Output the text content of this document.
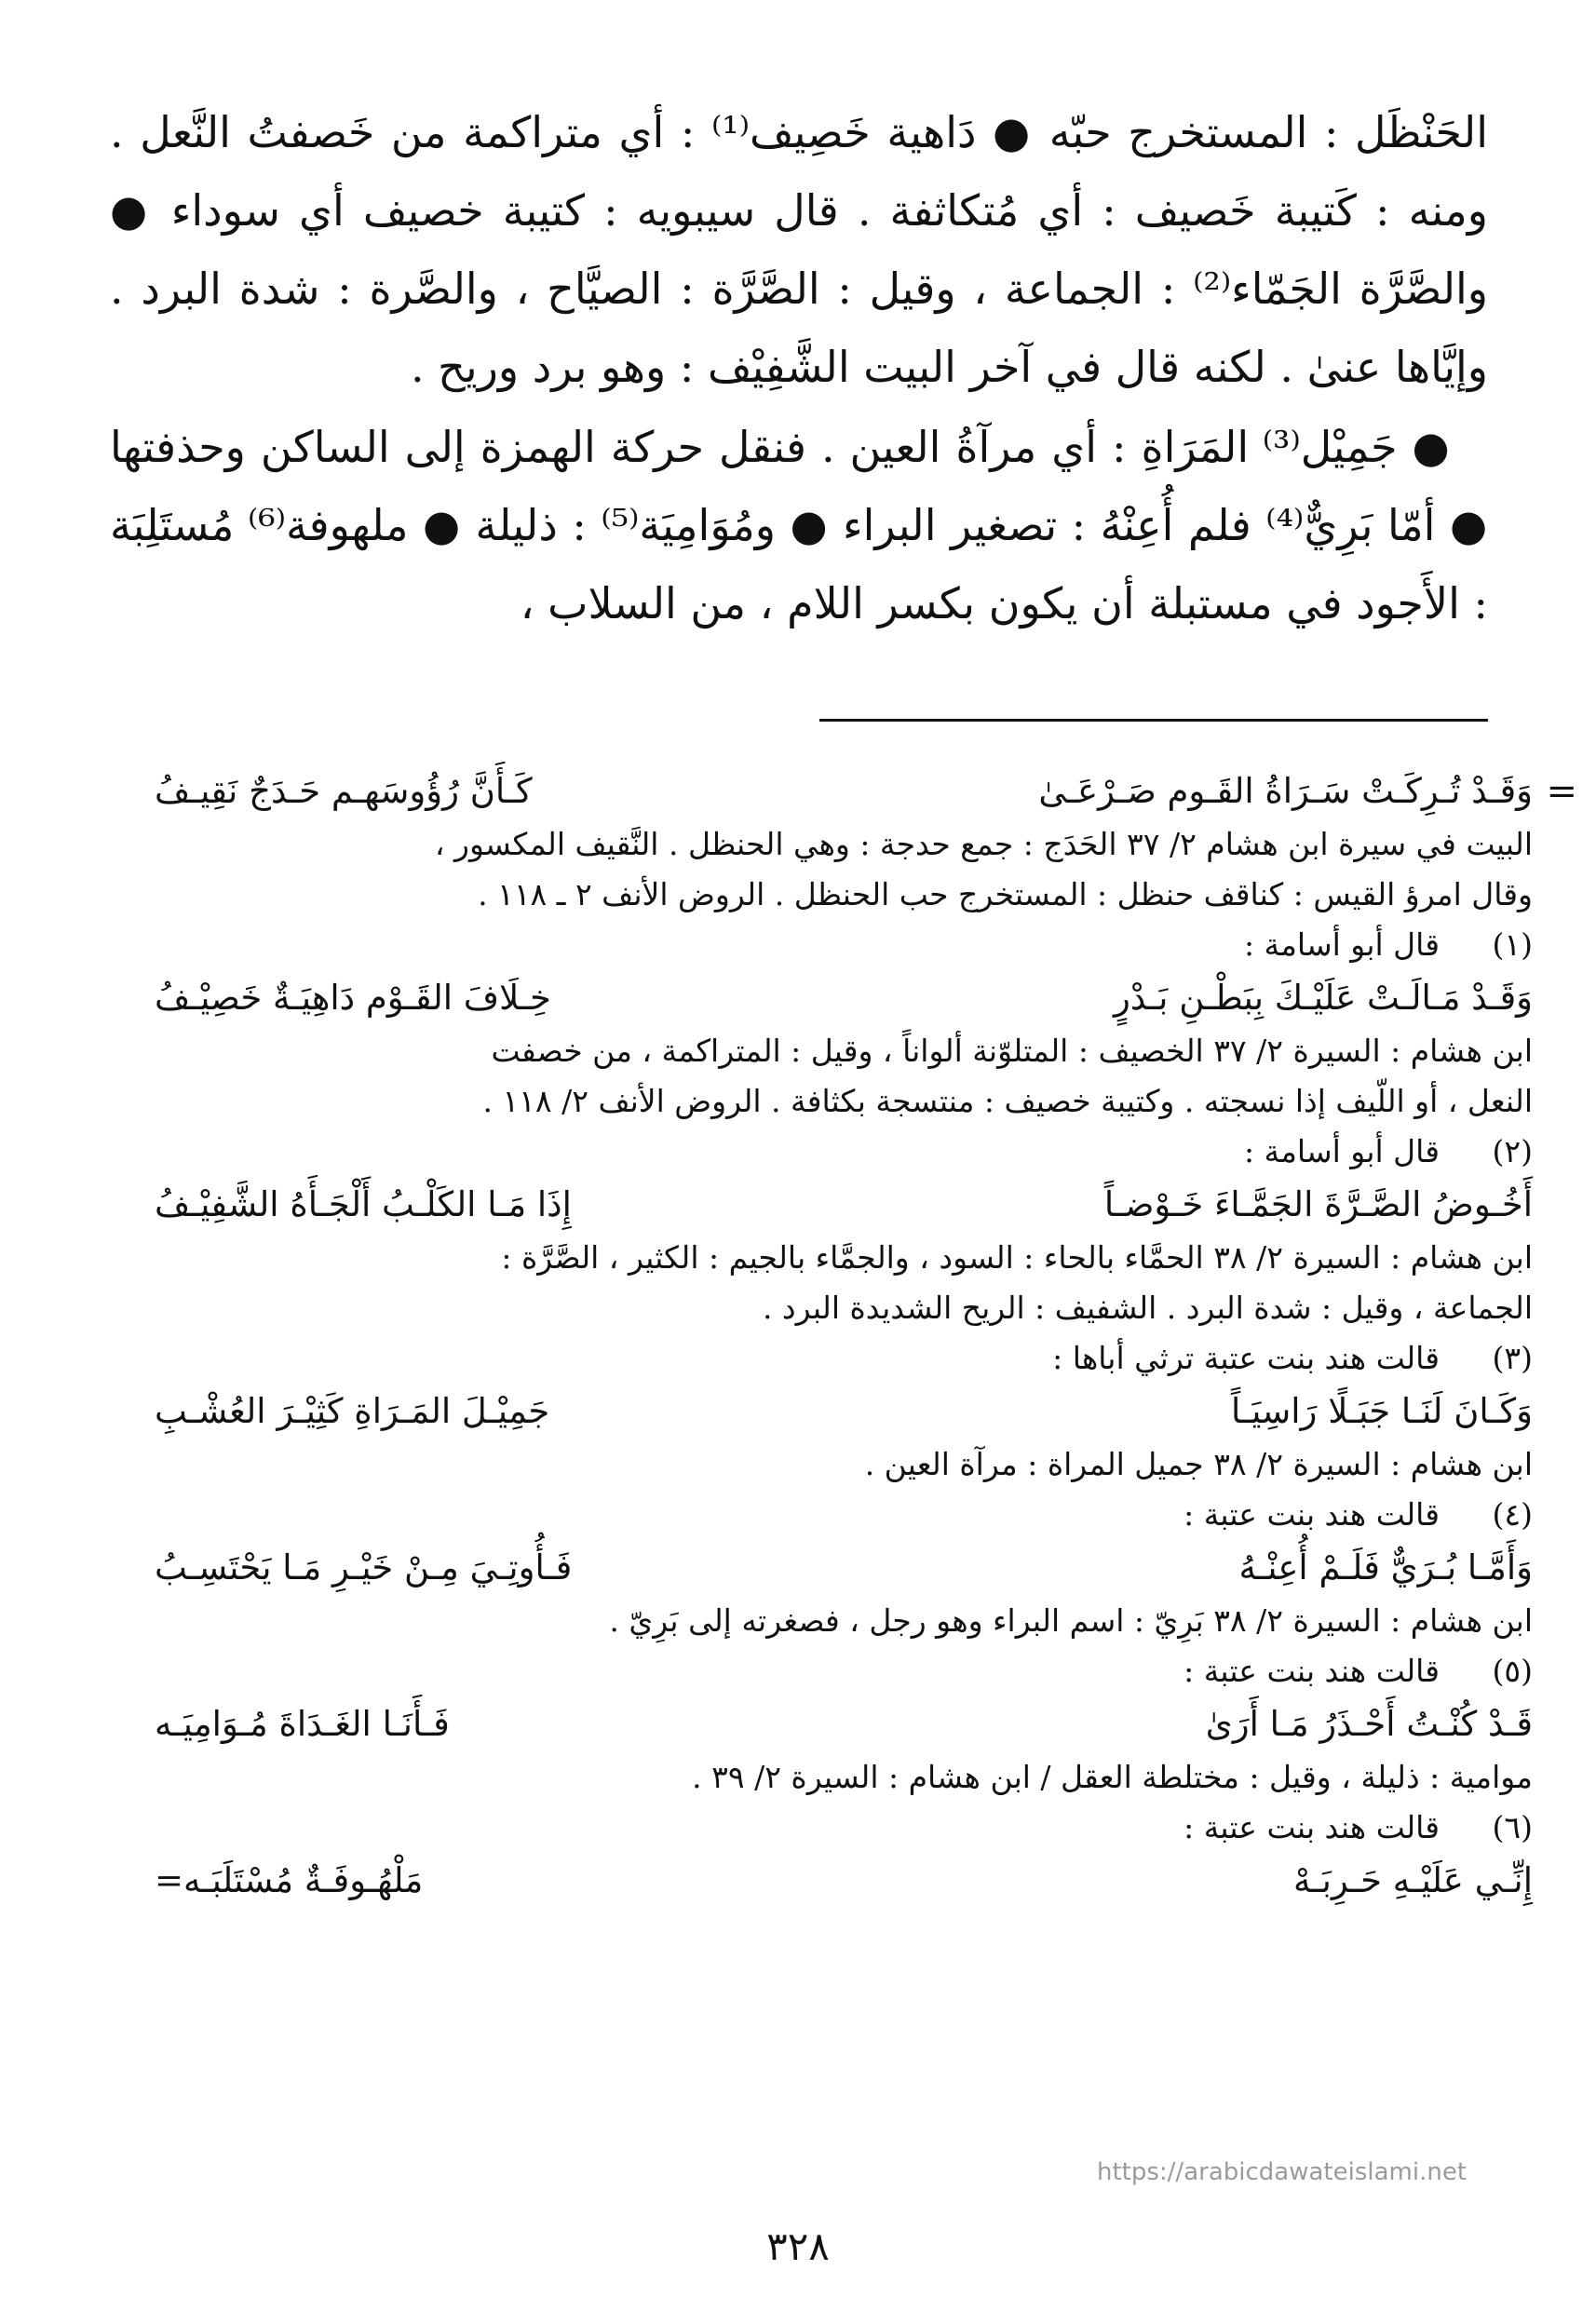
الحَنْظَل : المستخرج حبّه ● دَاهية خَصِيف⁽¹⁾ : أي متراكمة من خَصفتُ النَّعل . ومنه : كَتيبة خَصيف : أي مُتكاثفة . قال سيبويه : كتيبة خصيف أي سوداء ● والصَّرَّة الجَمّاء⁽²⁾ : الجماعة ، وقيل : الصَّرَّة : الصيَّاح ، والصَّرة : شدة البرد . وإيَّاها عنىٰ . لكنه قال في آخر البيت الشَّفِيْف : وهو برد وريح .

● جَمِيْل⁽³⁾ المَرَاةِ : أي مرآةُ العين . فنقل حركة الهمزة إلى الساكن وحذفتها ● أمّا بَرِيٌّ⁽⁴⁾ فلم أُعِنْهُ : تصغير البراء ● ومُوَامِيَة⁽⁵⁾ : ذليلة ● ملهوفة⁽⁶⁾ مُستَلِبَة : الأَجود في مستبلة أن يكون بكسر اللام ، من السلاب ،

=
وَقَـدْ تُـرِكَـتْ سَـرَاةُ القَـوم صَـرْعَـىٰ
كَـأَنَّ رُؤُوسَهـم حَـدَجٌ نَقِيـفُ
البيت في سيرة ابن هشام ٢/ ٣٧ الحَدَج : جمع حدجة : وهي الحنظل . النَّقيف المكسور ،
وقال امرؤ القيس : كناقف حنظل : المستخرج حب الحنظل . الروض الأنف ٢ ـ ١١٨ .
(١)
قال أبو أسامة :
وَقَـدْ مَـالَـتْ عَلَيْـكَ بِبَطْـنِ بَـدْرٍ
خِـلَافَ القَـوْم دَاهِيَـةٌ خَصِيْـفُ
ابن هشام : السيرة ٢/ ٣٧ الخصيف : المتلوّنة ألواناً ، وقيل : المتراكمة ، من خصفت
النعل ، أو اللّيف إذا نسجته . وكتيبة خصيف : منتسجة بكثافة . الروض الأنف ٢/ ١١٨ .
(٢)
قال أبو أسامة :
أَخُـوضُ الصَّـرَّةَ الجَمَّـاءَ خَـوْضـاً
إِذَا مَـا الكَلْـبُ أَلْجَـأَهُ الشَّفِيْـفُ
ابن هشام : السيرة ٢/ ٣٨ الحمَّاء بالحاء : السود ، والجمَّاء بالجيم : الكثير ، الصَّرَّة :
الجماعة ، وقيل : شدة البرد . الشفيف : الريح الشديدة البرد .
(٣)
قالت هند بنت عتبة ترثي أباها :
وَكَـانَ لَنَـا جَبَـلًا رَاسِيَـاً
جَمِيْـلَ المَـرَاةِ كَثِيْـرَ العُشْـبِ
ابن هشام : السيرة ٢/ ٣٨ جميل المراة : مرآة العين .
(٤)
قالت هند بنت عتبة :
وَأَمَّـا بُـرَيٌّ فَلَـمْ أُعِنْـهُ
فَـأُوتِـيَ مِـنْ خَيْـرِ مَـا يَحْتَسِـبُ
ابن هشام : السيرة ٢/ ٣٨ بَرِيّ : اسم البراء وهو رجل ، فصغرته إلى بَرِيّ .
(٥)
قالت هند بنت عتبة :
قَـدْ كُنْـتُ أَحْـذَرُ مَـا أَرَىٰ
فَـأَنَـا الغَـدَاةَ مُـوَامِيَـه
موامية : ذليلة ، وقيل : مختلطة العقل / ابن هشام : السيرة ٢/ ٣٩ .
(٦)
قالت هند بنت عتبة :
إِنِّـي عَلَيْـهِ حَـرِبَـهْ
مَلْهُـوفَـةٌ مُسْتَلَبَـه=
https://arabicdawateislami.net
٣٢٨
